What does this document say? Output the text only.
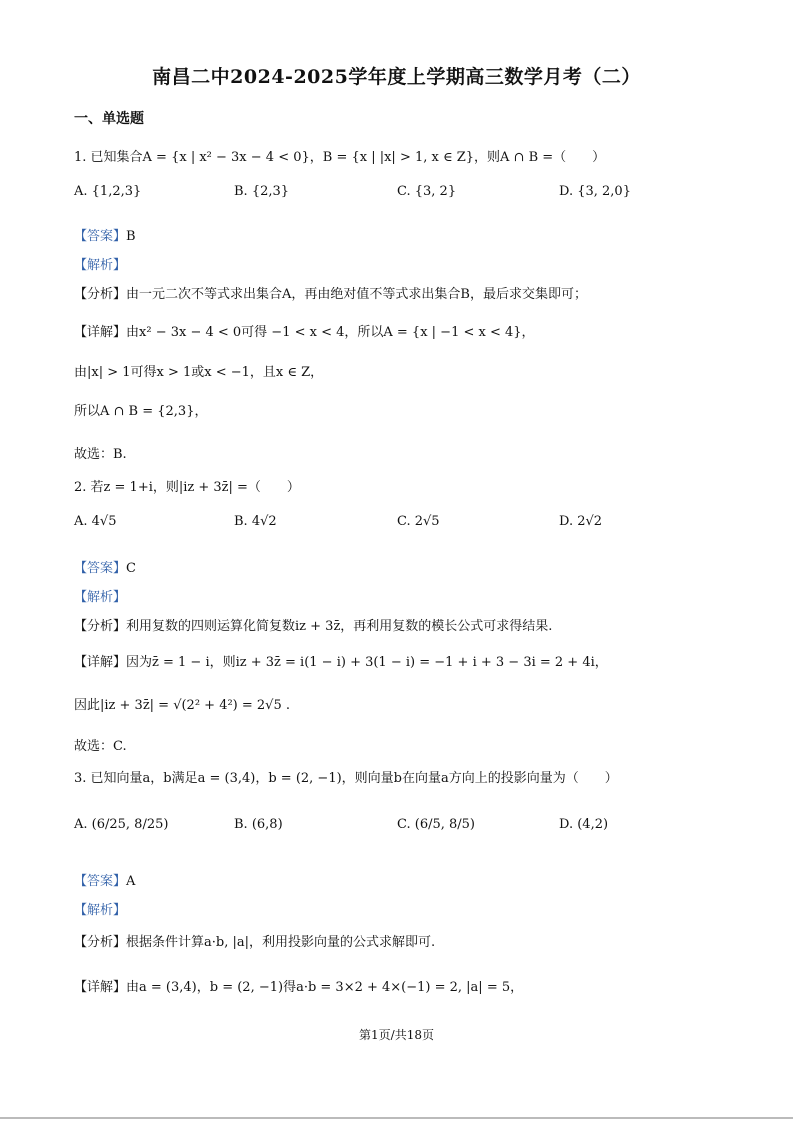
南昌二中2024-2025学年度上学期高三数学月考（二）
一、单选题
1. 已知集合A = {x | x² − 3x − 4 < 0}，B = {x | |x| > 1, x ∈ Z}，则A ∩ B =（　　）
A. {1,2,3}	B. {2,3}	C. {3, 2}	D. {3, 2,0}
【答案】B
【解析】
【分析】由一元二次不等式求出集合A，再由绝对值不等式求出集合B，最后求交集即可；
【详解】由x² − 3x − 4 < 0可得 −1 < x < 4，所以A = {x | −1 < x < 4}，
由|x| > 1可得x > 1或x < −1，且x ∈ Z，
所以A ∩ B = {2,3}，
故选：B.
2. 若z = 1+i，则|iz + 3z̄| =（　　）
A. 4√5	B. 4√2	C. 2√5	D. 2√2
【答案】C
【解析】
【分析】利用复数的四则运算化简复数iz + 3z̄，再利用复数的模长公式可求得结果.
【详解】因为z̄ = 1 − i，则iz + 3z̄ = i(1 − i) + 3(1 − i) = −1 + i + 3 − 3i = 2 + 4i，
因此|iz + 3z̄| = √(2² + 4²) = 2√5 .
故选：C.
3. 已知向量a，b满足a = (3,4)，b = (2, −1)，则向量b在向量a方向上的投影向量为（　　）
A. (6/25, 8/25)	B. (6,8)	C. (6/5, 8/5)	D. (4,2)
【答案】A
【解析】
【分析】根据条件计算a·b, |a|，利用投影向量的公式求解即可.
【详解】由a = (3,4)，b = (2, −1)得a·b = 3×2 + 4×(−1) = 2, |a| = 5，
第1页/共18页
